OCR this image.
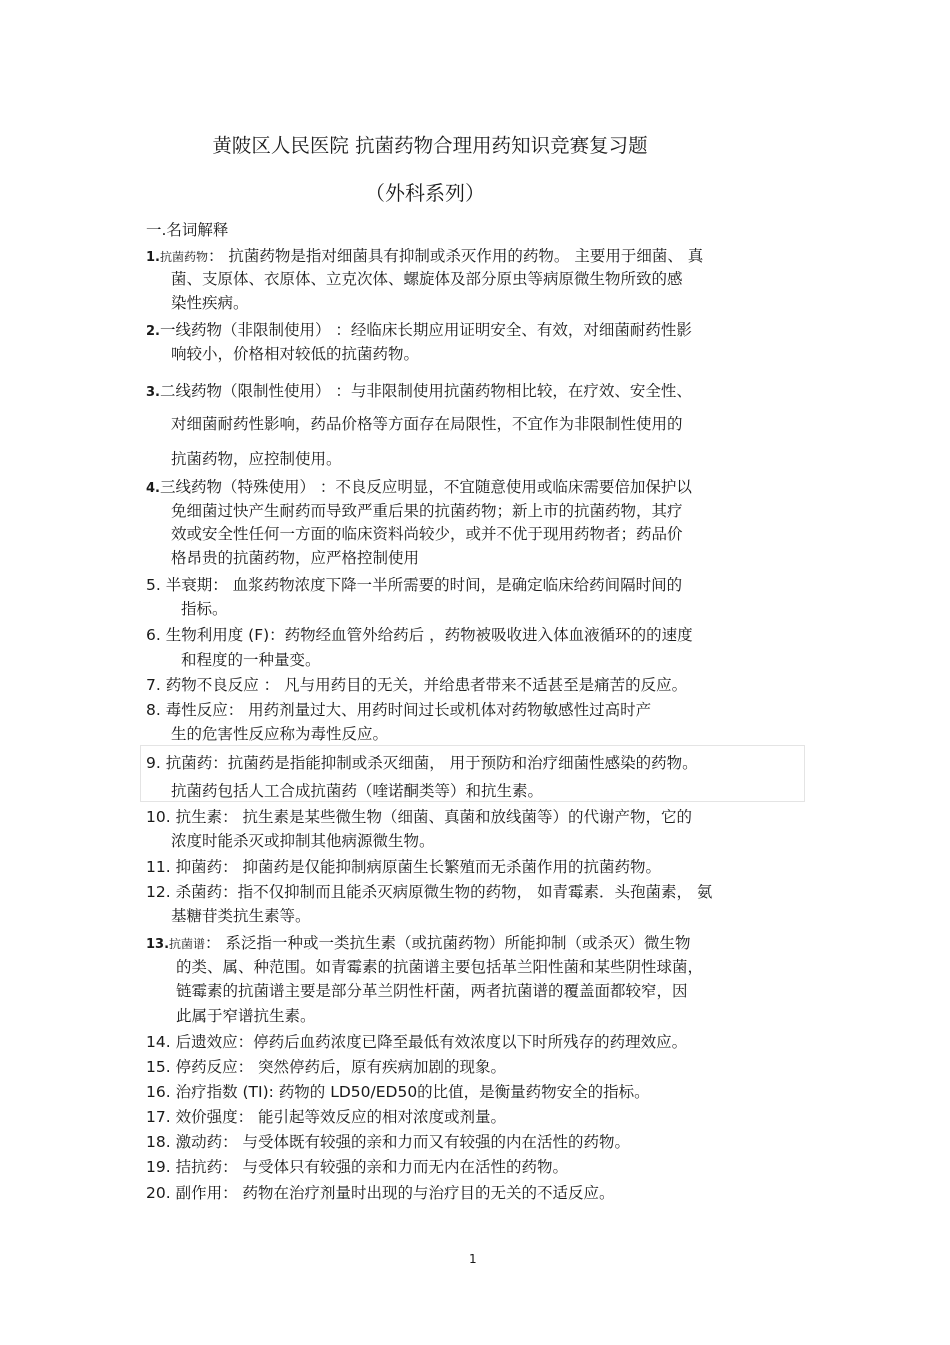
黄陂区人民医院 抗菌药物合理用药知识竞赛复习题
（外科系列）
一.名词解释
1.抗菌药物： 抗菌药物是指对细菌具有抑制或杀灭作用的药物。 主要用于细菌、 真
菌、支原体、衣原体、立克次体、螺旋体及部分原虫等病原微生物所致的感
染性疾病。
2.一线药物（非限制使用） ：经临床长期应用证明安全、有效，对细菌耐药性影
响较小，价格相对较低的抗菌药物。
3.二线药物（限制性使用） ：与非限制使用抗菌药物相比较，在疗效、安全性、
对细菌耐药性影响，药品价格等方面存在局限性，不宜作为非限制性使用的
抗菌药物，应控制使用。
4.三线药物（特殊使用） ：不良反应明显，不宜随意使用或临床需要倍加保护以
免细菌过快产生耐药而导致严重后果的抗菌药物；新上市的抗菌药物，其疗
效或安全性任何一方面的临床资料尚较少，或并不优于现用药物者；药品价
格昂贵的抗菌药物，应严格控制使用
5. 半衰期： 血浆药物浓度下降一半所需要的时间，是确定临床给药间隔时间的
指标。
6. 生物利用度 (F)：药物经血管外给药后 ，药物被吸收进入体血液循环的的速度
和程度的一种量变。
7. 药物不良反应 ： 凡与用药目的无关，并给患者带来不适甚至是痛苦的反应。
8. 毒性反应： 用药剂量过大、用药时间过长或机体对药物敏感性过高时产
生的危害性反应称为毒性反应。
9. 抗菌药：抗菌药是指能抑制或杀灭细菌， 用于预防和治疗细菌性感染的药物。
抗菌药包括人工合成抗菌药（喹诺酮类等）和抗生素。
10. 抗生素： 抗生素是某些微生物（细菌、真菌和放线菌等）的代谢产物，它的
浓度时能杀灭或抑制其他病源微生物。
11. 抑菌药： 抑菌药是仅能抑制病原菌生长繁殖而无杀菌作用的抗菌药物。
12. 杀菌药：指不仅抑制而且能杀灭病原微生物的药物， 如青霉素．头孢菌素， 氨
基糖苷类抗生素等。
13.抗菌谱： 系泛指一种或一类抗生素（或抗菌药物）所能抑制（或杀灭）微生物
的类、属、种范围。如青霉素的抗菌谱主要包括革兰阳性菌和某些阴性球菌，
链霉素的抗菌谱主要是部分革兰阴性杆菌，两者抗菌谱的覆盖面都较窄，因
此属于窄谱抗生素。
14. 后遗效应：停药后血药浓度已降至最低有效浓度以下时所残存的药理效应。
15. 停药反应： 突然停药后，原有疾病加剧的现象。
16. 治疗指数 (TI): 药物的 LD50/ED50的比值，是衡量药物安全的指标。
17. 效价强度： 能引起等效反应的相对浓度或剂量。
18. 激动药： 与受体既有较强的亲和力而又有较强的内在活性的药物。
19. 拮抗药： 与受体只有较强的亲和力而无内在活性的药物。
20. 副作用： 药物在治疗剂量时出现的与治疗目的无关的不适反应。
1
